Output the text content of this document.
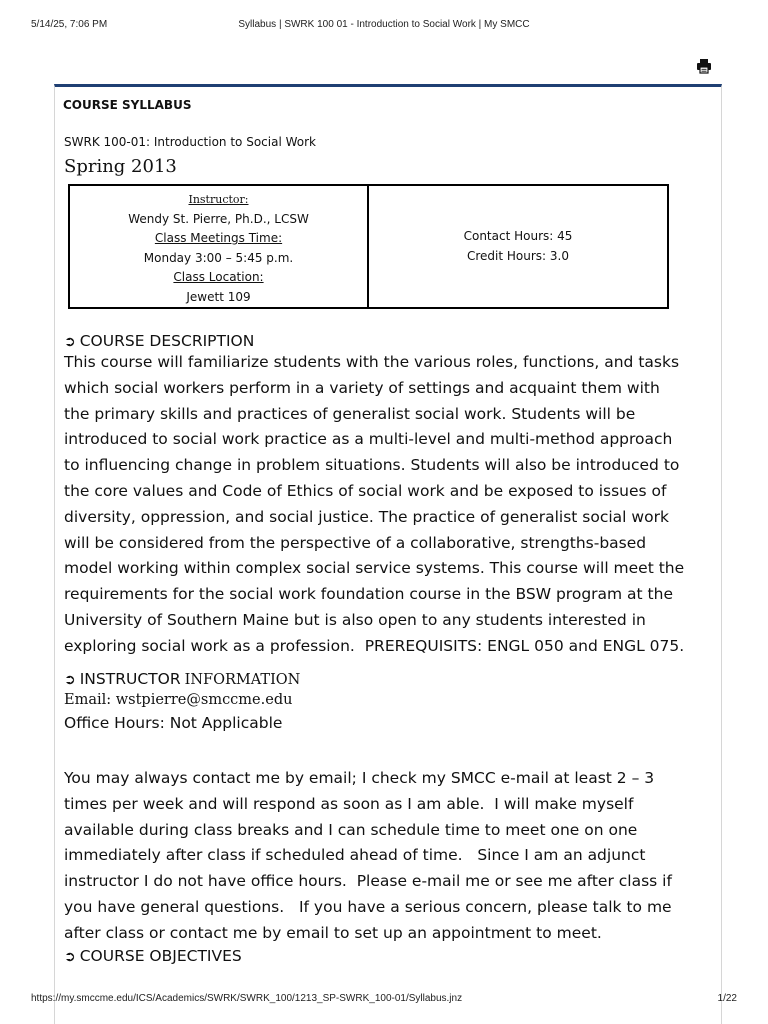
5/14/25, 7:06 PM	Syllabus | SWRK 100 01 - Introduction to Social Work | My SMCC
COURSE SYLLABUS
SWRK 100-01: Introduction to Social Work
Spring 2013
Instructor:
Wendy St. Pierre, Ph.D., LCSW
Class Meetings Time:
Monday 3:00 – 5:45 p.m.
Class Location:
Jewett 109
Contact Hours: 45
Credit Hours: 3.0
➲ COURSE DESCRIPTION

This course will familiarize students with the various roles, functions, and tasks

which social workers perform in a variety of settings and acquaint them with

the primary skills and practices of generalist social work. Students will be

introduced to social work practice as a multi-level and multi-method approach

to influencing change in problem situations. Students will also be introduced to

the core values and Code of Ethics of social work and be exposed to issues of

diversity, oppression, and social justice. The practice of generalist social work

will be considered from the perspective of a collaborative, strengths-based

model working within complex social service systems. This course will meet the

requirements for the social work foundation course in the BSW program at the

University of Southern Maine but is also open to any students interested in

exploring social work as a profession.  PREREQUISITS: ENGL 050 and ENGL 075.

➲ INSTRUCTOR INFORMATION
Email: wstpierre@smccme.edu
Office Hours: Not Applicable

You may always contact me by email; I check my SMCC e-mail at least 2 – 3

times per week and will respond as soon as I am able.  I will make myself

available during class breaks and I can schedule time to meet one on one

immediately after class if scheduled ahead of time.   Since I am an adjunct

instructor I do not have office hours.  Please e-mail me or see me after class if

you have general questions.   If you have a serious concern, please talk to me

after class or contact me by email to set up an appointment to meet.

➲ COURSE OBJECTIVES
https://my.smccme.edu/ICS/Academics/SWRK/SWRK_100/1213_SP-SWRK_100-01/Syllabus.jnz	1/22
